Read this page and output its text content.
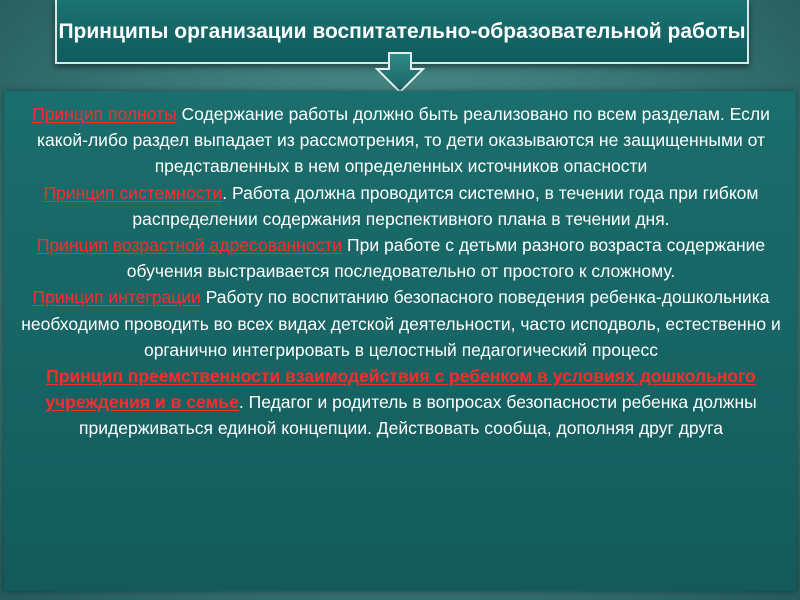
Принципы организации воспитательно-образовательной работы

Принцип полноты Содержание работы должно быть реализовано по всем разделам. Если какой-либо раздел выпадает из рассмотрения, то дети оказываются не защищенными от представленных в нем определенных источников опасности

Принцип системности. Работа должна проводится системно, в течении года при гибком распределении содержания перспективного плана в течении дня.

Принцип возрастной адресованности При работе с детьми разного возраста содержание обучения выстраивается последовательно от простого к сложному.

Принцип интеграции Работу по воспитанию безопасного поведения ребенка-дошкольника необходимо проводить во всех видах детской деятельности, часто исподволь, естественно и органично интегрировать в целостный педагогический процесс

Принцип преемственности взаимодействия с ребенком в условиях дошкольного учреждения и в семье. Педагог и родитель в вопросах безопасности ребенка должны придерживаться единой концепции. Действовать сообща, дополняя друг друга
